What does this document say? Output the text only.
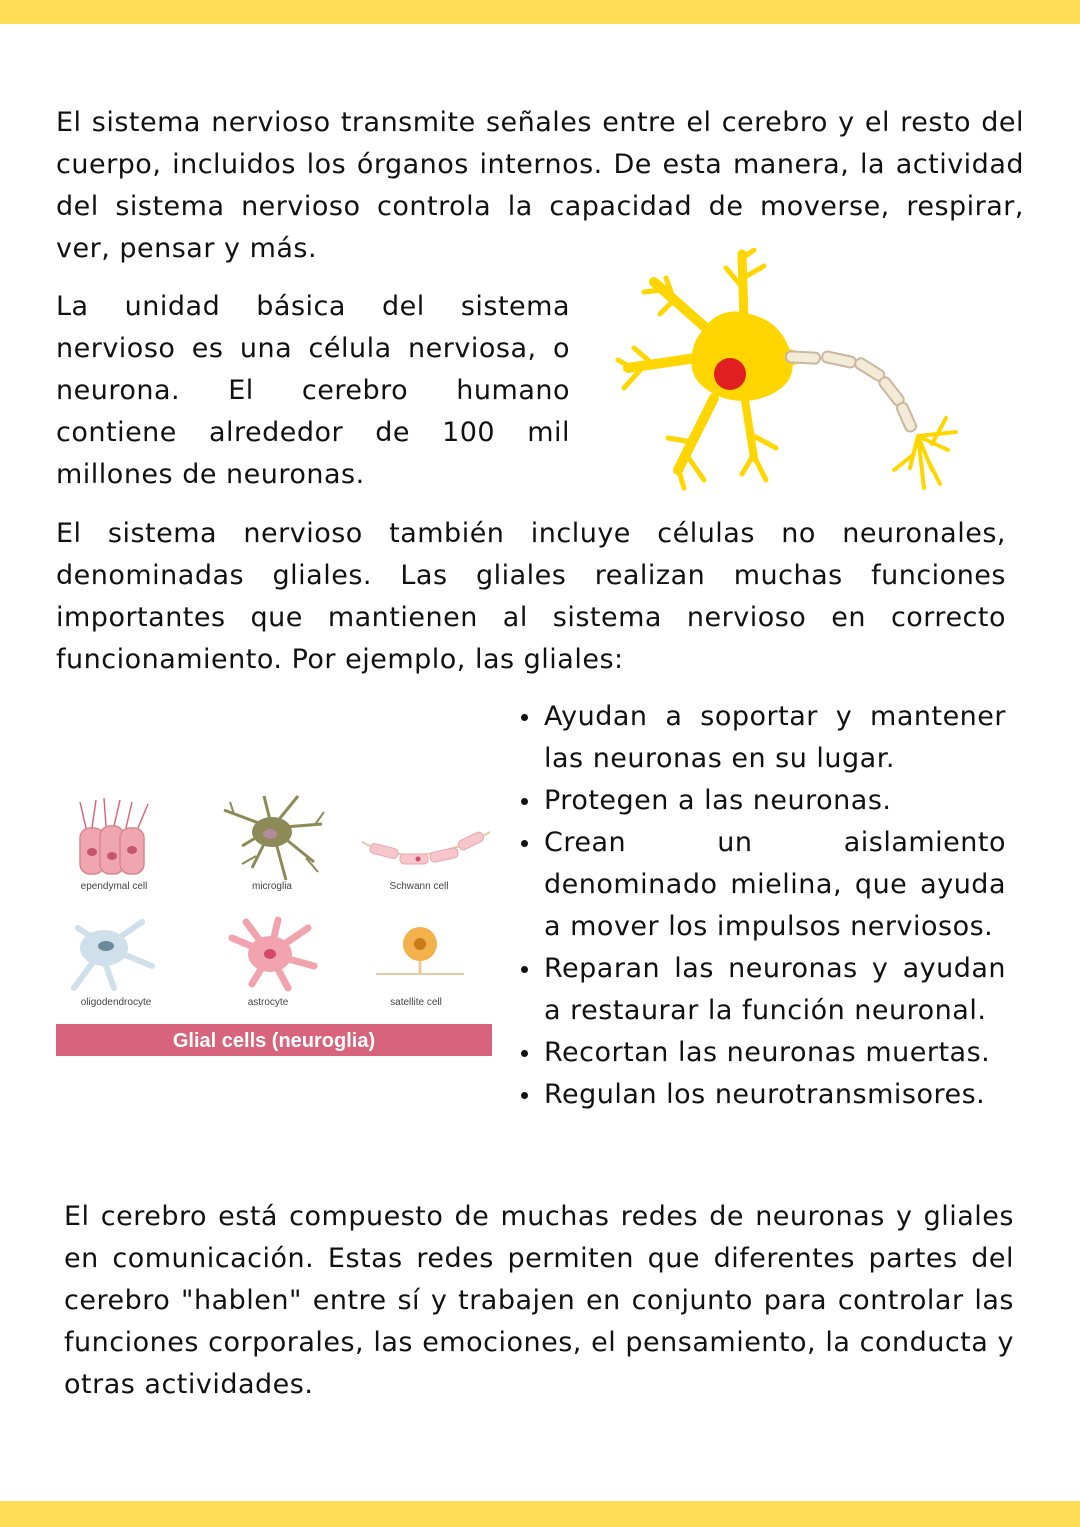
El sistema nervioso transmite señales entre el cerebro y el resto del cuerpo, incluidos los órganos internos. De esta manera, la actividad del sistema nervioso controla la capacidad de moverse, respirar, ver, pensar y más.

La unidad básica del sistema nervioso es una célula nerviosa, o neurona. El cerebro humano contiene alrededor de 100 mil millones de neuronas.

El sistema nervioso también incluye células no neuronales, denominadas gliales. Las gliales realizan muchas funciones importantes que mantienen al sistema nervioso en correcto funcionamiento. Por ejemplo, las gliales:

ependymal cell	microglia	Schwann cell
oligodendrocyte	astrocyte	satellite cell
Glial cells (neuroglia)
Ayudan a soportar y mantener las neuronas en su lugar.
Protegen a las neuronas.
Crean un aislamiento denominado mielina, que ayuda a mover los impulsos nerviosos.
Reparan las neuronas y ayudan a restaurar la función neuronal.
Recortan las neuronas muertas.
Regulan los neurotransmisores.

El cerebro está compuesto de muchas redes de neuronas y gliales en comunicación. Estas redes permiten que diferentes partes del cerebro "hablen" entre sí y trabajen en conjunto para controlar las funciones corporales, las emociones, el pensamiento, la conducta y otras actividades.
